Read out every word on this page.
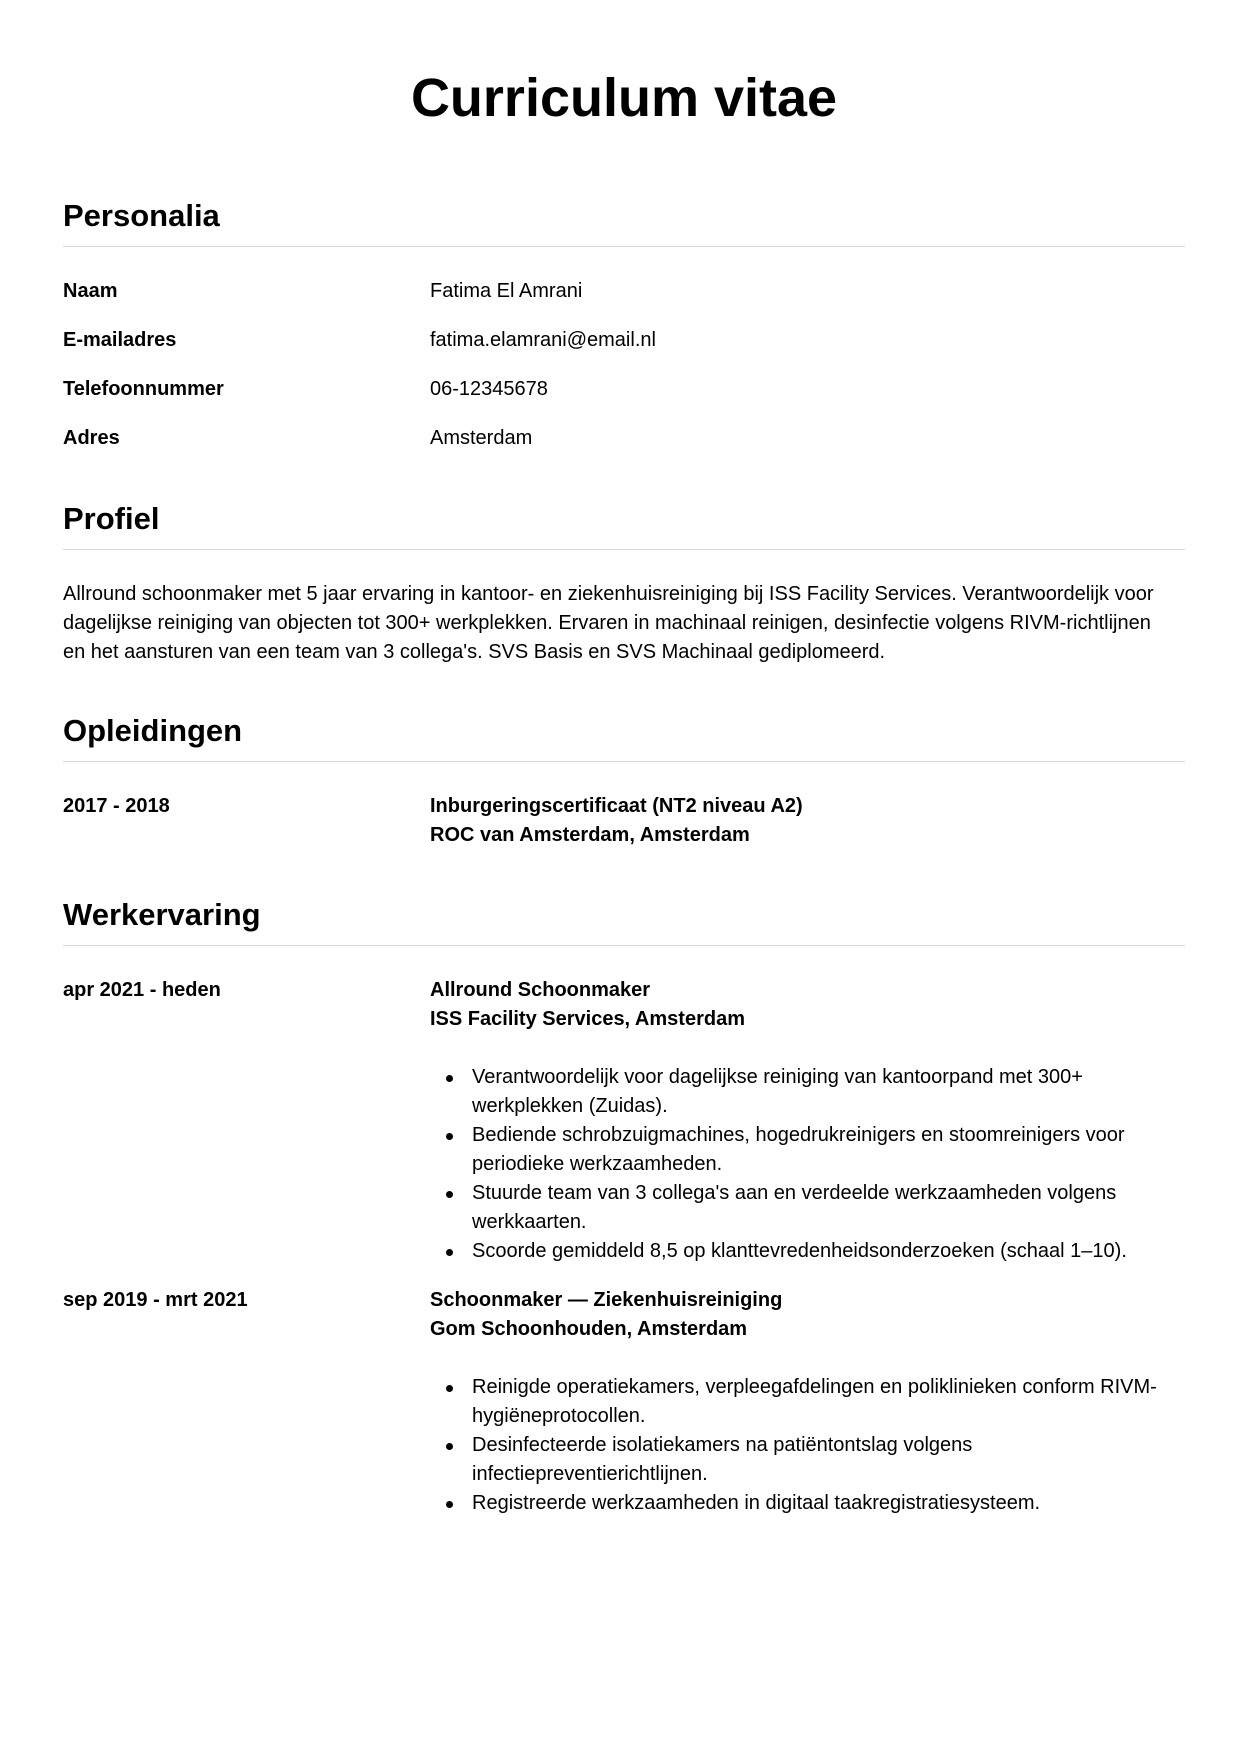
Curriculum vitae
Personalia
Naam	Fatima El Amrani
E-mailadres	fatima.elamrani@email.nl
Telefoonnummer	06-12345678
Adres	Amsterdam
Profiel

Allround schoonmaker met 5 jaar ervaring in kantoor- en ziekenhuisreiniging bij ISS Facility Services. Verantwoordelijk voor dagelijkse reiniging van objecten tot 300+ werkplekken. Ervaren in machinaal reinigen, desinfectie volgens RIVM-richtlijnen en het aansturen van een team van 3 collega's. SVS Basis en SVS Machinaal gediplomeerd.

Opleidingen
2017 - 2018	Inburgeringscertificaat (NT2 niveau A2)
ROC van Amsterdam, Amsterdam
Werkervaring
apr 2021 - heden	Allround Schoonmaker
ISS Facility Services, Amsterdam
Verantwoordelijk voor dagelijkse reiniging van kantoorpand met 300+ werkplekken (Zuidas).
Bediende schrobzuigmachines, hogedrukreinigers en stoomreinigers voor periodieke werkzaamheden.
Stuurde team van 3 collega's aan en verdeelde werkzaamheden volgens werkkaarten.
Scoorde gemiddeld 8,5 op klanttevredenheidsonderzoeken (schaal 1–10).
sep 2019 - mrt 2021	Schoonmaker — Ziekenhuisreiniging
Gom Schoonhouden, Amsterdam
Reinigde operatiekamers, verpleegafdelingen en poliklinieken conform RIVM-hygiëneprotocollen.
Desinfecteerde isolatiekamers na patiëntontslag volgens infectiepreventierichtlijnen.
Registreerde werkzaamheden in digitaal taakregistratiesysteem.
